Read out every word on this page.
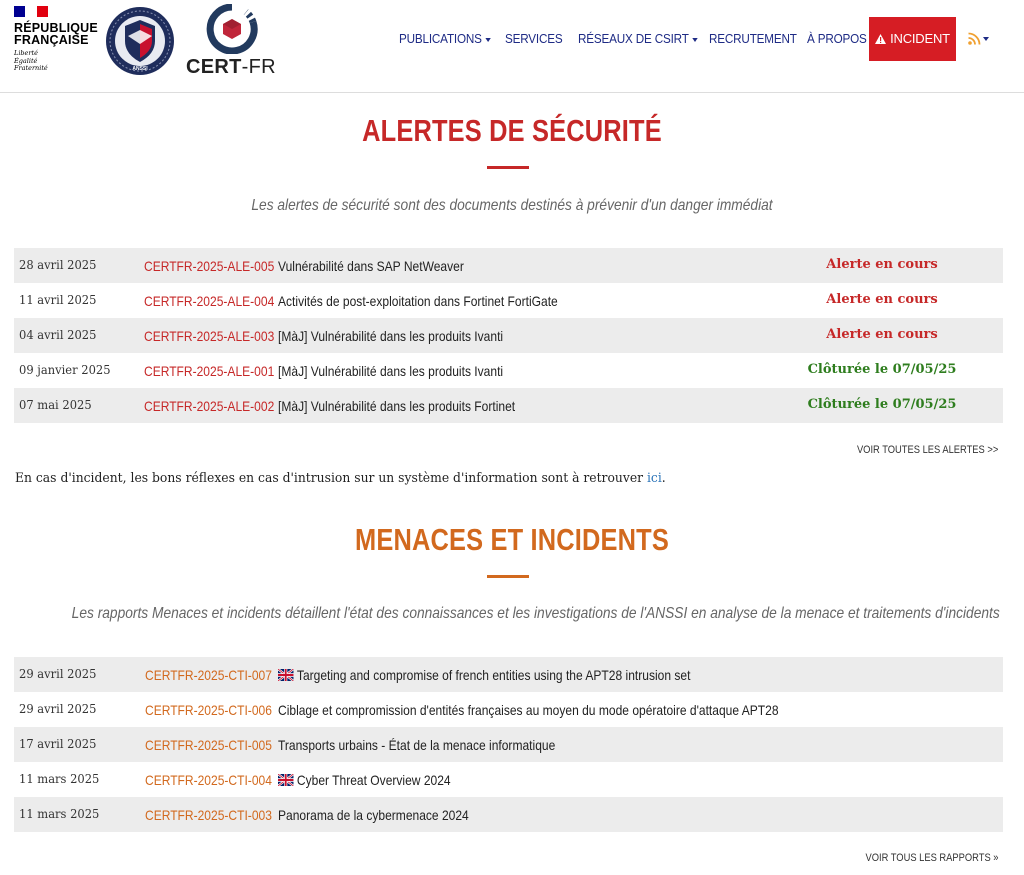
RÉPUBLIQUE
FRANÇAISE
Liberté
Égalité
Fraternité	ANSSI CERT-FR
PUBLICATIONS	SERVICES RÉSEAUX DE CSIRT	RECRUTEMENT À PROPOS	INCIDENT
ALERTES DE SÉCURITÉ
Les alertes de sécurité sont des documents destinés à prévenir d'un danger immédiat
28 avril 2025	CERTFR-2025-ALE-005 Vulnérabilité dans SAP NetWeaver	Alerte en cours
11 avril 2025	CERTFR-2025-ALE-004 Activités de post-exploitation dans Fortinet FortiGate	Alerte en cours
04 avril 2025	CERTFR-2025-ALE-003 [MàJ] Vulnérabilité dans les produits Ivanti	Alerte en cours
09 janvier 2025 CERTFR-2025-ALE-001 [MàJ] Vulnérabilité dans les produits Ivanti	Clôturée le 07/05/25
07 mai 2025	CERTFR-2025-ALE-002 [MàJ] Vulnérabilité dans les produits Fortinet	Clôturée le 07/05/25
VOIR TOUTES LES ALERTES >>
En cas d'incident, les bons réflexes en cas d'intrusion sur un système d'information sont à retrouver ici.
MENACES ET INCIDENTS
Les rapports Menaces et incidents détaillent l'état des connaissances et les investigations de l'ANSSI en analyse de la menace et traitements d'incidents
29 avril 2025	CERTFR-2025-CTI-007	Targeting and compromise of french entities using the APT28 intrusion set
29 avril 2025	CERTFR-2025-CTI-006 Ciblage et compromission d'entités françaises au moyen du mode opératoire d'attaque APT28
17 avril 2025	CERTFR-2025-CTI-005 Transports urbains - État de la menace informatique
11 mars 2025	CERTFR-2025-CTI-004	Cyber Threat Overview 2024
11 mars 2025	CERTFR-2025-CTI-003 Panorama de la cybermenace 2024
VOIR TOUS LES RAPPORTS »
